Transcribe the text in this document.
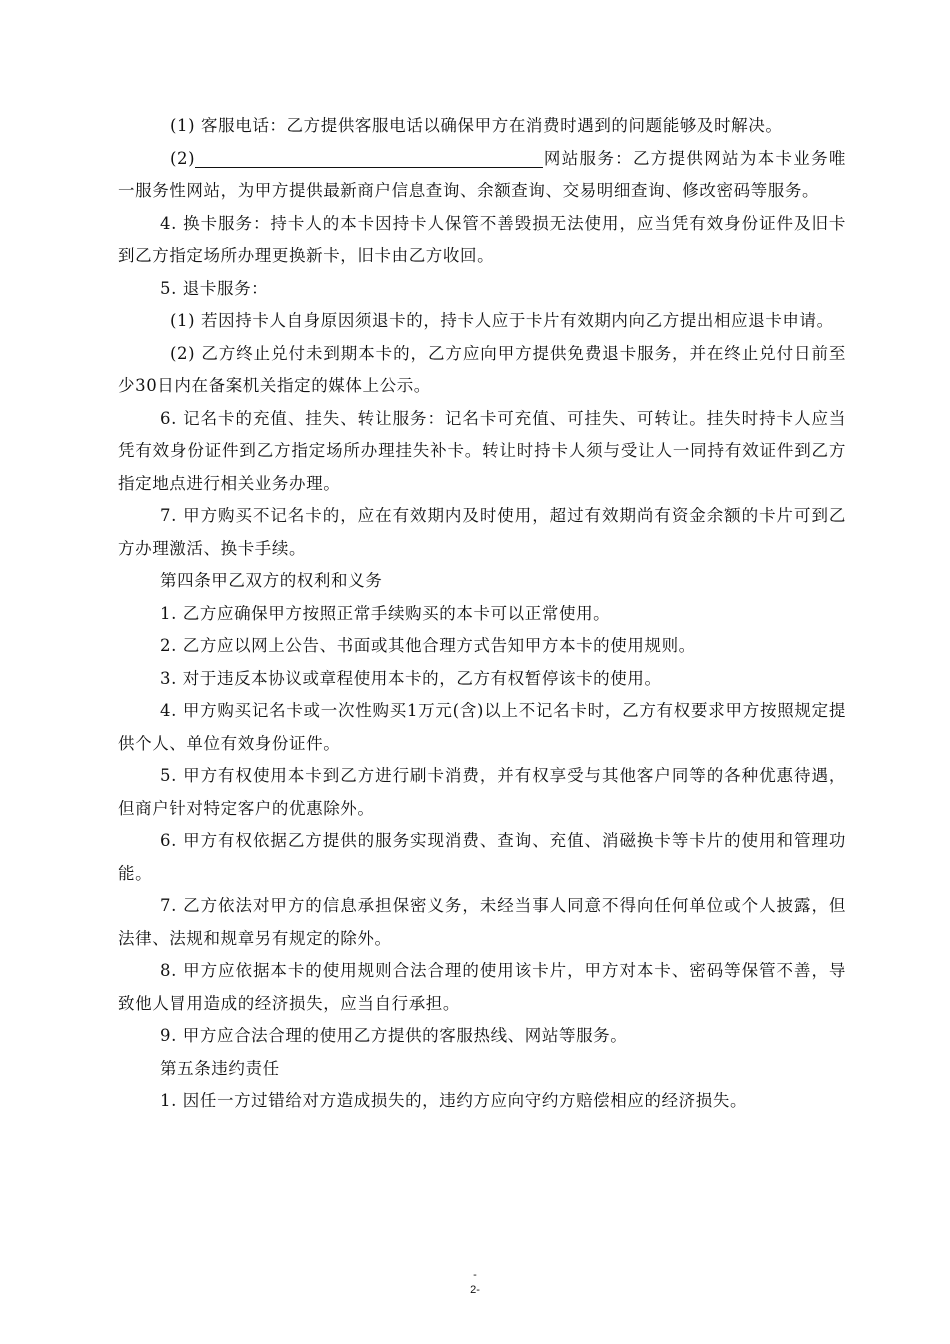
(1) 客服电话：乙方提供客服电话以确保甲方在消费时遇到的问题能够及时解决。

(2)	网站服务：乙方提供网站为本卡业务唯一服务性网站，为甲方提供最新商户信息查询、余额查询、交易明细查询、修改密码等服务。

4. 换卡服务：持卡人的本卡因持卡人保管不善毁损无法使用，应当凭有效身份证件及旧卡到乙方指定场所办理更换新卡，旧卡由乙方收回。

5. 退卡服务：

(1) 若因持卡人自身原因须退卡的，持卡人应于卡片有效期内向乙方提出相应退卡申请。

(2) 乙方终止兑付未到期本卡的，乙方应向甲方提供免费退卡服务，并在终止兑付日前至少30日内在备案机关指定的媒体上公示。

6. 记名卡的充值、挂失、转让服务：记名卡可充值、可挂失、可转让。挂失时持卡人应当凭有效身份证件到乙方指定场所办理挂失补卡。转让时持卡人须与受让人一同持有效证件到乙方指定地点进行相关业务办理。

7. 甲方购买不记名卡的，应在有效期内及时使用，超过有效期尚有资金余额的卡片可到乙方办理激活、换卡手续。

第四条甲乙双方的权利和义务

1. 乙方应确保甲方按照正常手续购买的本卡可以正常使用。

2. 乙方应以网上公告、书面或其他合理方式告知甲方本卡的使用规则。

3. 对于违反本协议或章程使用本卡的，乙方有权暂停该卡的使用。

4. 甲方购买记名卡或一次性购买1万元(含)以上不记名卡时，乙方有权要求甲方按照规定提供个人、单位有效身份证件。

5. 甲方有权使用本卡到乙方进行刷卡消费，并有权享受与其他客户同等的各种优惠待遇，但商户针对特定客户的优惠除外。

6. 甲方有权依据乙方提供的服务实现消费、查询、充值、消磁换卡等卡片的使用和管理功能。

7. 乙方依法对甲方的信息承担保密义务，未经当事人同意不得向任何单位或个人披露，但法律、法规和规章另有规定的除外。

8. 甲方应依据本卡的使用规则合法合理的使用该卡片，甲方对本卡、密码等保管不善，导致他人冒用造成的经济损失，应当自行承担。

9. 甲方应合法合理的使用乙方提供的客服热线、网站等服务。

第五条违约责任

1. 因任一方过错给对方造成损失的，违约方应向守约方赔偿相应的经济损失。

-
2-
